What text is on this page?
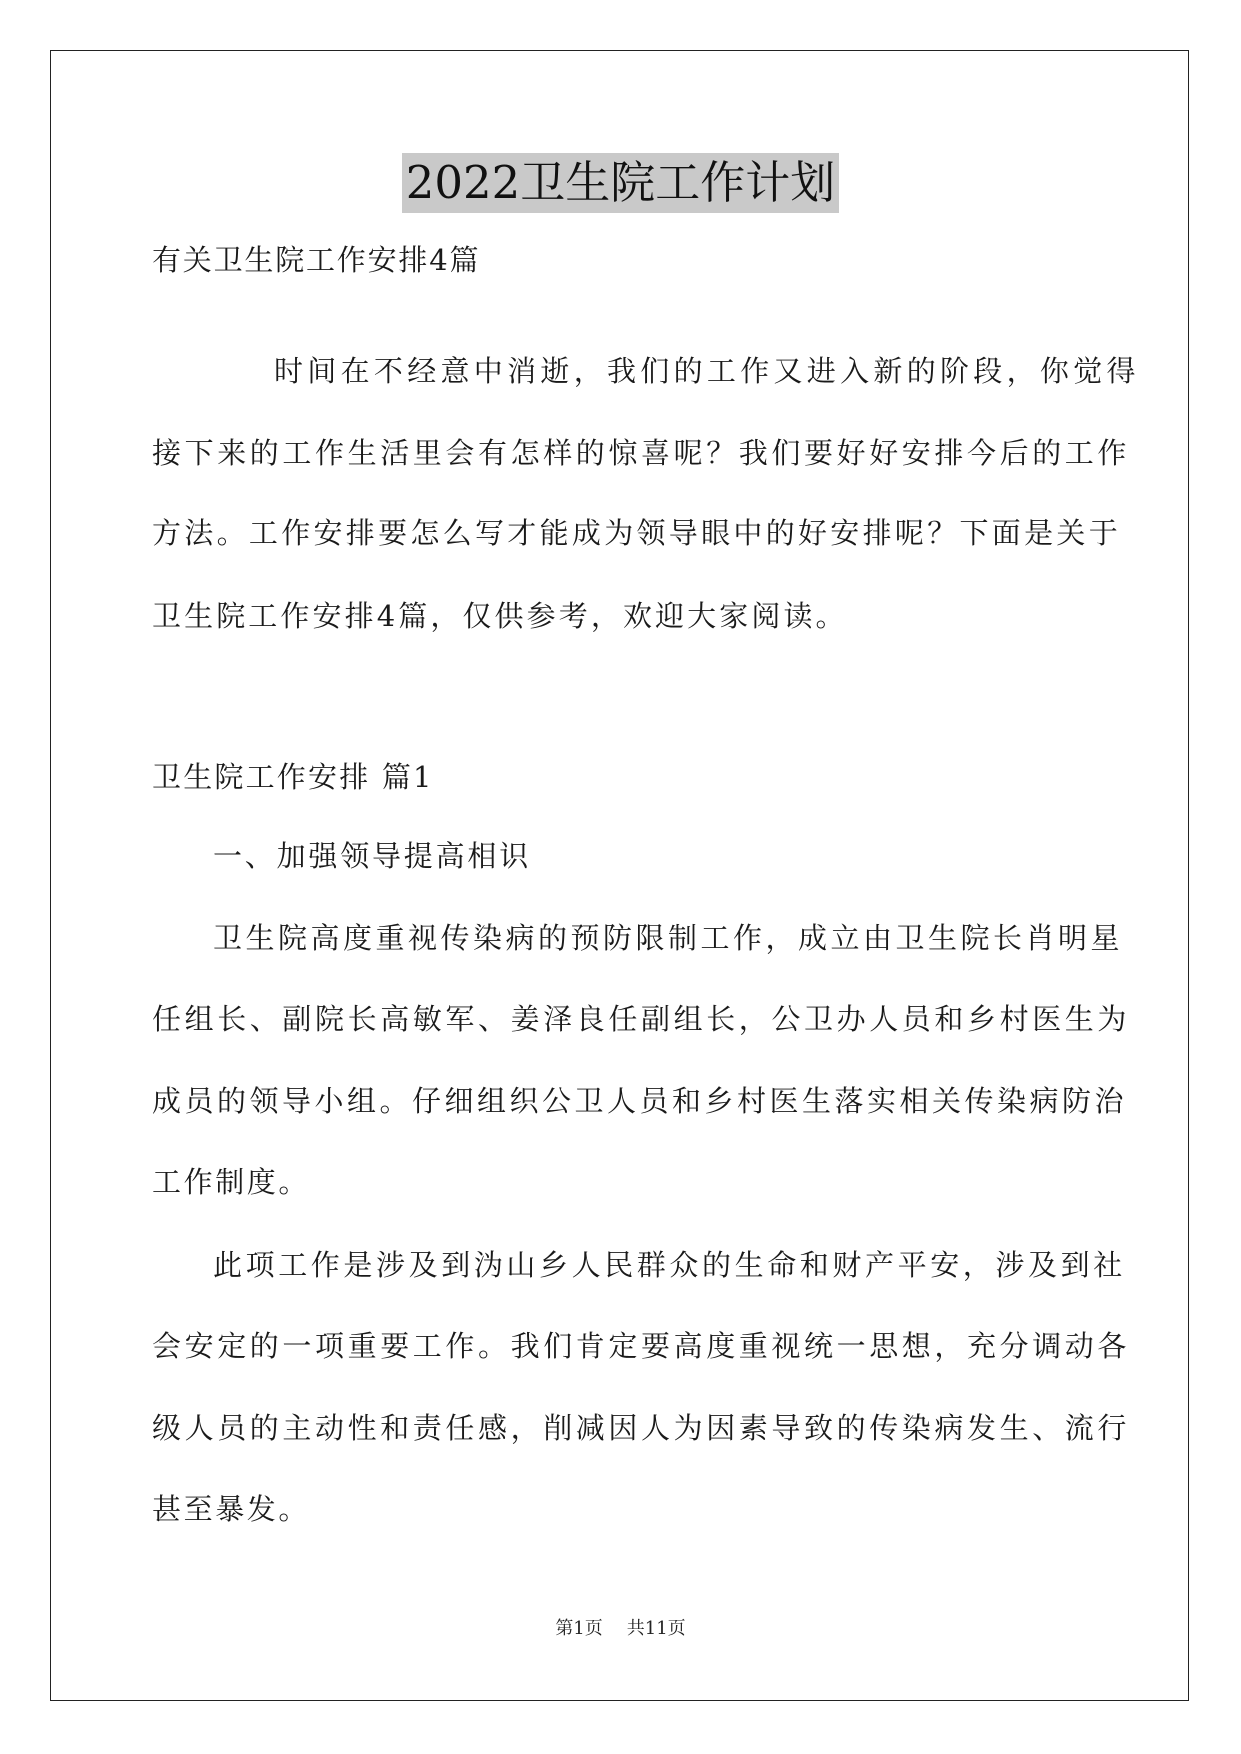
2022卫生院工作计划
有关卫生院工作安排4篇
时间在不经意中消逝，我们的工作又进入新的阶段，你觉得
接下来的工作生活里会有怎样的惊喜呢？我们要好好安排今后的工作
方法。工作安排要怎么写才能成为领导眼中的好安排呢？下面是关于
卫生院工作安排4篇，仅供参考，欢迎大家阅读。
卫生院工作安排 篇1
一、加强领导提高相识
卫生院高度重视传染病的预防限制工作，成立由卫生院长肖明星
任组长、副院长高敏军、姜泽良任副组长，公卫办人员和乡村医生为
成员的领导小组。仔细组织公卫人员和乡村医生落实相关传染病防治
工作制度。
此项工作是涉及到沩山乡人民群众的生命和财产平安，涉及到社
会安定的一项重要工作。我们肯定要高度重视统一思想，充分调动各
级人员的主动性和责任感，削减因人为因素导致的传染病发生、流行
甚至暴发。
第1页 共11页
